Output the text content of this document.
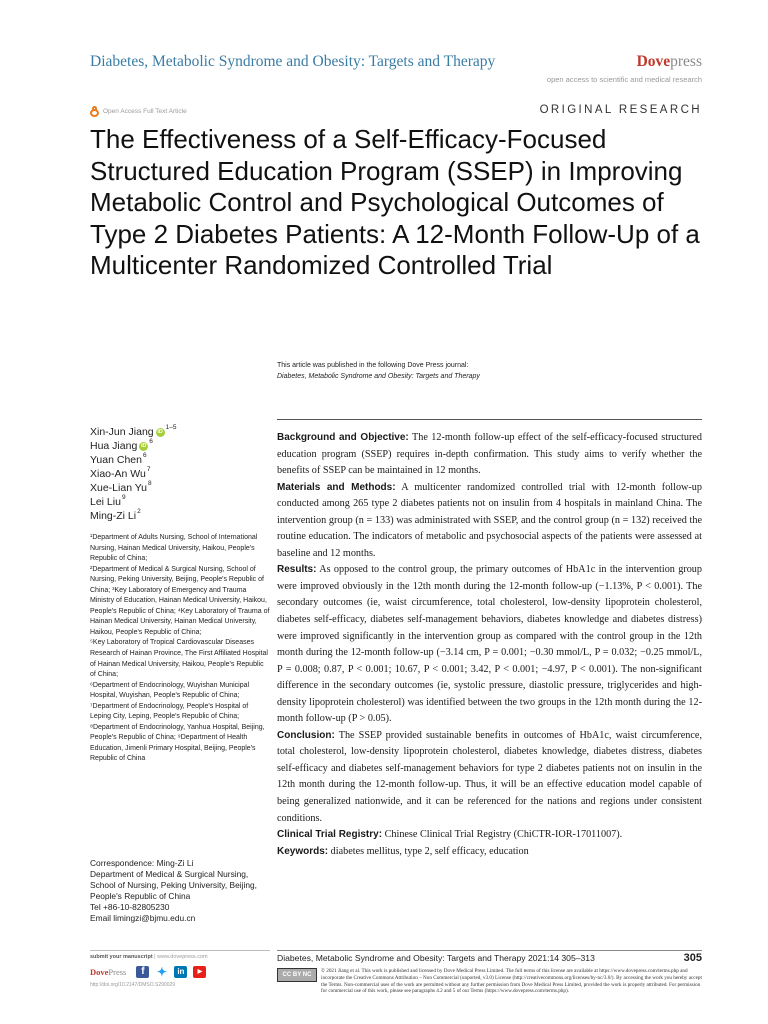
Diabetes, Metabolic Syndrome and Obesity: Targets and Therapy	Dovepress
open access to scientific and medical research
Open Access Full Text Article	ORIGINAL RESEARCH
The Effectiveness of a Self-Efficacy-Focused Structured Education Program (SSEP) in Improving Metabolic Control and Psychological Outcomes of Type 2 Diabetes Patients: A 12-Month Follow-Up of a Multicenter Randomized Controlled Trial
This article was published in the following Dove Press journal:
Diabetes, Metabolic Syndrome and Obesity: Targets and Therapy
Xin-Jun Jiang iD
1–5
Hua Jiang iD
6
Yuan Chen 6
Xiao-An Wu 7
Xue-Lian Yu 8
Lei Liu 9
Ming-Zi Li 2
¹Department of Adults Nursing, School of International Nursing, Hainan Medical University, Haikou, People's Republic of China;
²Department of Medical & Surgical Nursing, School of Nursing, Peking University, Beijing, People's Republic of China; ³Key Laboratory of Emergency and Trauma Ministry of Education, Hainan Medical University, Haikou, People's Republic of China; ⁴Key Laboratory of Trauma of Hainan Medical University, Hainan Medical University, Haikou, People's Republic of China;
⁵Key Laboratory of Tropical Cardiovascular Diseases Research of Hainan Province, The First Affiliated Hospital of Hainan Medical University, Haikou, People's Republic of China;
⁶Department of Endocrinology, Wuyishan Municipal Hospital, Wuyishan, People's Republic of China; ⁷Department of Endocrinology, People's Hospital of Leping City, Leping, People's Republic of China; ⁸Department of Endocrinology, Yanhua Hospital, Beijing, People's Republic of China; ⁹Department of Health Education, Jimenli Primary Hospital, Beijing, People's Republic of China
Correspondence: Ming-Zi Li
Department of Medical & Surgical Nursing, School of Nursing, Peking University, Beijing, People's Republic of China
Tel +86-10-82805230
Email limingzi@bjmu.edu.cn

Background and Objective: The 12-month follow-up effect of the self-efficacy-focused structured education program (SSEP) requires in-depth confirmation. This study aims to verify whether the benefits of SSEP can be maintained in 12 months.

Materials and Methods: A multicenter randomized controlled trial with 12-month follow-up conducted among 265 type 2 diabetes patients not on insulin from 4 hospitals in mainland China. The intervention group (n = 133) was administrated with SSEP, and the control group (n = 132) received the routine education. The indicators of metabolic and psychosocial aspects of the patients were assessed at baseline and 12 months.

Results: As opposed to the control group, the primary outcomes of HbA1c in the intervention group were improved obviously in the 12th month during the 12-month follow-up (−1.13%, P < 0.001). The secondary outcomes (ie, waist circumference, total cholesterol, low-density lipoprotein cholesterol, diabetes self-efficacy, diabetes self-management behaviors, diabetes knowledge and diabetes distress) were improved significantly in the intervention group as compared with the control group in the 12th month during the 12-month follow-up (−3.14 cm, P = 0.001; −0.30 mmol/L, P = 0.032; −0.25 mmol/L, P = 0.008; 0.87, P < 0.001; 10.67, P < 0.001; 3.42, P < 0.001; −4.97, P < 0.001). The non-significant difference in the secondary outcomes (ie, systolic pressure, diastolic pressure, triglycerides and high-density lipoprotein cholesterol) was identified between the two groups in the 12th month during the 12-month follow-up (P > 0.05).

Conclusion: The SSEP provided sustainable benefits in outcomes of HbA1c, waist circumference, total cholesterol, low-density lipoprotein cholesterol, diabetes knowledge, diabetes distress, diabetes self-efficacy and diabetes self-management behaviors for type 2 diabetes patients not on insulin in the 12th month during the 12-month follow-up. Thus, it will be an effective education model capable of being generalized nationwide, and it can be referenced for the nations and regions under consistent conditions.

Clinical Trial Registry: Chinese Clinical Trial Registry (ChiCTR-IOR-17011007).

Keywords: diabetes mellitus, type 2, self efficacy, education

submit your manuscript | www.dovepress.com
DovePress	f	✦	in	▶
http://doi.org/10.2147/DMSO.S290029
Diabetes, Metabolic Syndrome and Obesity: Targets and Therapy 2021:14 305–313	305
CC BY NC
© 2021 Jiang et al. This work is published and licensed by Dove Medical Press Limited. The full terms of this license are available at https://www.dovepress.com/terms.php and incorporate the Creative Commons Attribution – Non Commercial (unported, v3.0) License (http://creativecommons.org/licenses/by-nc/3.0/). By accessing the work you hereby accept the Terms. Non-commercial uses of the work are permitted without any further permission from Dove Medical Press Limited, provided the work is properly attributed. For permission for commercial use of this work, please see paragraphs 4.2 and 5 of our Terms (https://www.dovepress.com/terms.php).
